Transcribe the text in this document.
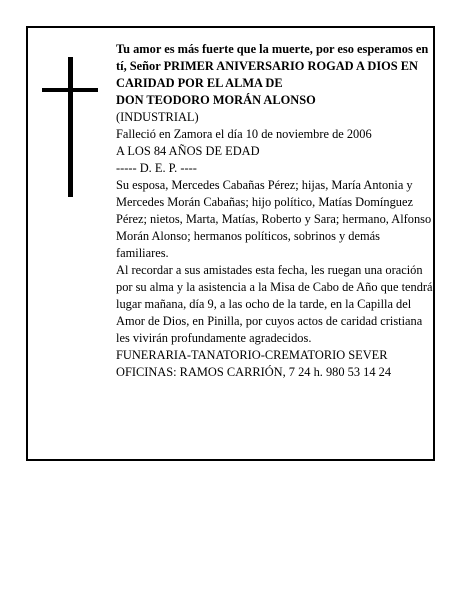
Tu amor es más fuerte que la muerte, por eso esperamos en tí, Señor PRIMER ANIVERSARIO ROGAD A DIOS EN CARIDAD POR EL ALMA DE
DON TEODORO MORÁN ALONSO
(INDUSTRIAL)
Falleció en Zamora el día 10 de noviembre de 2006
A LOS 84 AÑOS DE EDAD
----- D. E. P. ----
Su esposa, Mercedes Cabañas Pérez; hijas, María Antonia y Mercedes Morán Cabañas; hijo político, Matías Domínguez Pérez; nietos, Marta, Matías, Roberto y Sara; hermano, Alfonso Morán Alonso; hermanos políticos, sobrinos y demás familiares.
Al recordar a sus amistades esta fecha, les ruegan una oración por su alma y la asistencia a la Misa de Cabo de Año que tendrá lugar mañana, día 9, a las ocho de la tarde, en la Capilla del Amor de Dios, en Pinilla, por cuyos actos de caridad cristiana les vivirán profundamente agradecidos.
FUNERARIA-TANATORIO-CREMATORIO SEVER
OFICINAS: RAMOS CARRIÓN, 7 24 h. 980 53 14 24
